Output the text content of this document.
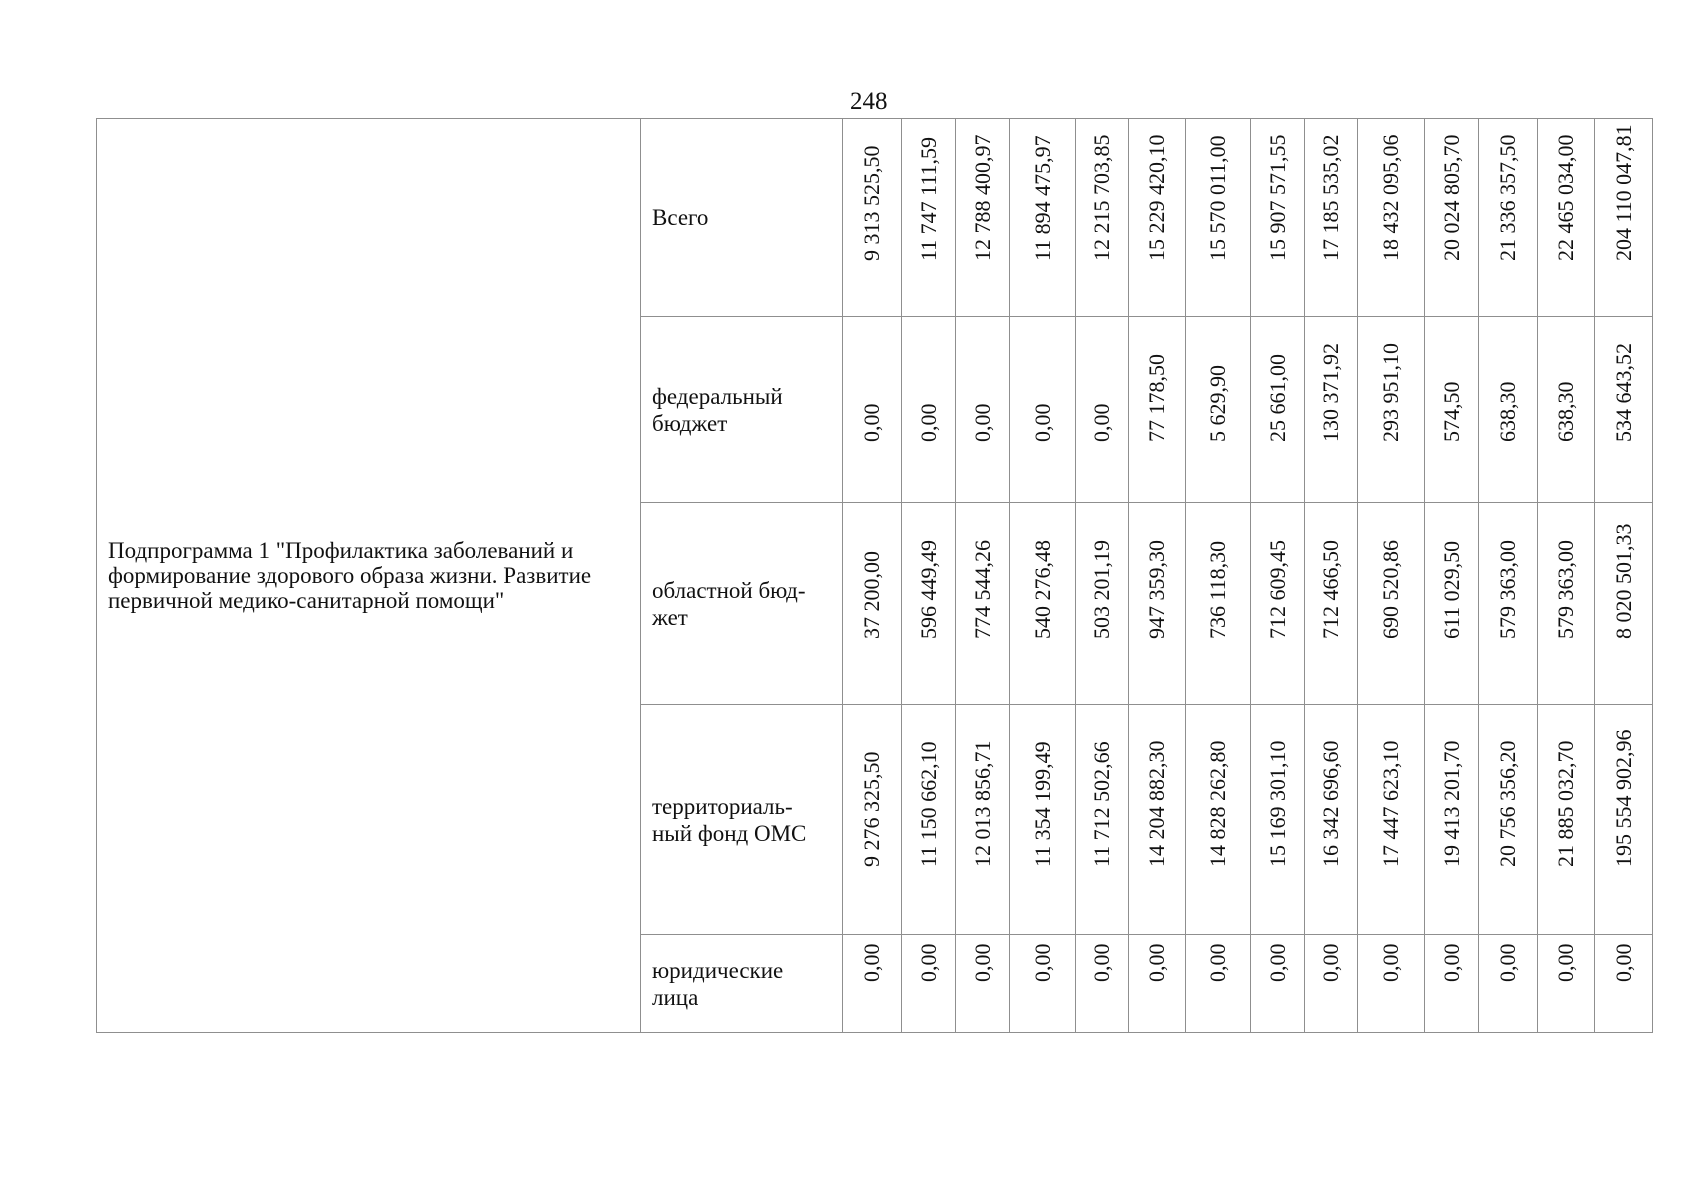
248
Подпрограмма 1 "Профилактика заболеваний и формирование здорового образа жизни. Развитие первичной медико-санитарной помощи"	Всего	9 313 525,50	11 747 111,59	12 788 400,97	11 894 475,97	12 215 703,85	15 229 420,10	15 570 011,00	15 907 571,55	17 185 535,02	18 432 095,06	20 024 805,70	21 336 357,50	22 465 034,00	204 110 047,81

	федеральный бюджет	0,00	0,00	0,00	0,00	0,00	77 178,50	5 629,90	25 661,00	130 371,92	293 951,10	574,50	638,30	638,30	534 643,52

	областной бюд-жет	37 200,00	596 449,49	774 544,26	540 276,48	503 201,19	947 359,30	736 118,30	712 609,45	712 466,50	690 520,86	611 029,50	579 363,00	579 363,00	8 020 501,33

	территориаль-ный фонд ОМС	9 276 325,50	11 150 662,10	12 013 856,71	11 354 199,49	11 712 502,66	14 204 882,30	14 828 262,80	15 169 301,10	16 342 696,60	17 447 623,10	19 413 201,70	20 756 356,20	21 885 032,70	195 554 902,96

	юридические лица	0,00	0,00	0,00	0,00	0,00	0,00	0,00	0,00	0,00	0,00	0,00	0,00	0,00	0,00
